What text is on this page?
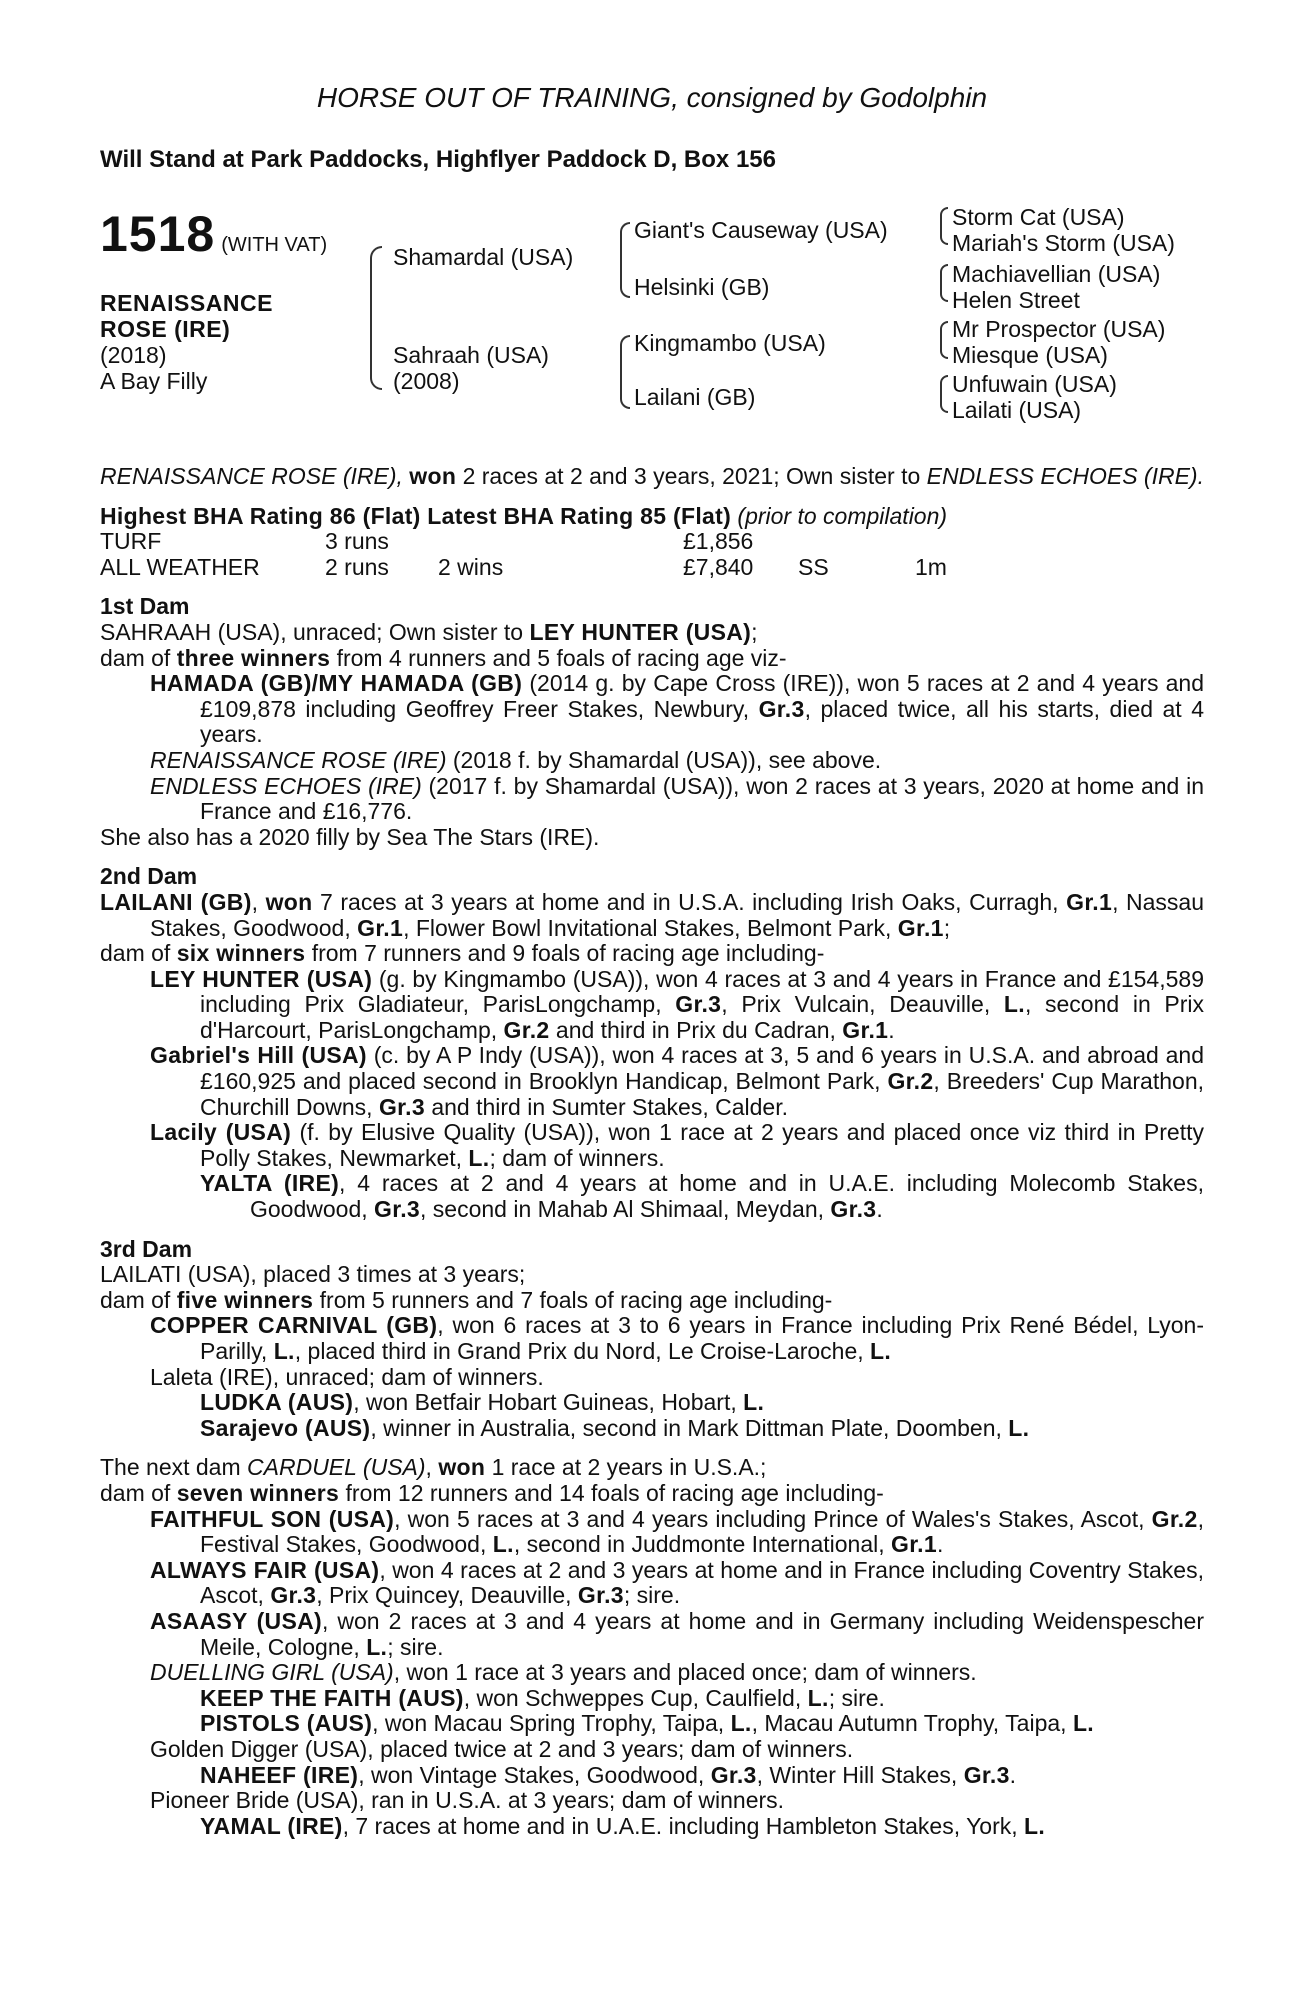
HORSE OUT OF TRAINING, consigned by Godolphin
Will Stand at Park Paddocks, Highflyer Paddock D, Box 156
1518 (WITH VAT)
RENAISSANCE
ROSE (IRE)
(2018)
A Bay Filly
Shamardal (USA)
Sahraah (USA)
(2008)
Giant's Causeway (USA)
Helsinki (GB)
Kingmambo (USA)
Lailani (GB)
Storm Cat (USA)
Mariah's Storm (USA)
Machiavellian (USA)
Helen Street
Mr Prospector (USA)
Miesque (USA)
Unfuwain (USA)
Lailati (USA)

RENAISSANCE ROSE (IRE), won 2 races at 2 and 3 years, 2021; Own sister to ENDLESS ECHOES (IRE).

Highest BHA Rating 86 (Flat) Latest BHA Rating 85 (Flat) (prior to compilation)
TURF	3 runs		£1,856		
ALL WEATHER	2 runs	2 wins	£7,840	SS	1m
1st Dam

SAHRAAH (USA), unraced; Own sister to LEY HUNTER (USA);

dam of three winners from 4 runners and 5 foals of racing age viz-

HAMADA (GB)/MY HAMADA (GB) (2014 g. by Cape Cross (IRE)), won 5 races at 2 and 4 years and £109,878 including Geoffrey Freer Stakes, Newbury, Gr.3, placed twice, all his starts, died at 4 years.

RENAISSANCE ROSE (IRE) (2018 f. by Shamardal (USA)), see above.

ENDLESS ECHOES (IRE) (2017 f. by Shamardal (USA)), won 2 races at 3 years, 2020 at home and in France and £16,776.

She also has a 2020 filly by Sea The Stars (IRE).

2nd Dam

LAILANI (GB), won 7 races at 3 years at home and in U.S.A. including Irish Oaks, Curragh, Gr.1, Nassau Stakes, Goodwood, Gr.1, Flower Bowl Invitational Stakes, Belmont Park, Gr.1;

dam of six winners from 7 runners and 9 foals of racing age including-

LEY HUNTER (USA) (g. by Kingmambo (USA)), won 4 races at 3 and 4 years in France and £154,589 including Prix Gladiateur, ParisLongchamp, Gr.3, Prix Vulcain, Deauville, L., second in Prix d'Harcourt, ParisLongchamp, Gr.2 and third in Prix du Cadran, Gr.1.

Gabriel's Hill (USA) (c. by A P Indy (USA)), won 4 races at 3, 5 and 6 years in U.S.A. and abroad and £160,925 and placed second in Brooklyn Handicap, Belmont Park, Gr.2, Breeders' Cup Marathon, Churchill Downs, Gr.3 and third in Sumter Stakes, Calder.

Lacily (USA) (f. by Elusive Quality (USA)), won 1 race at 2 years and placed once viz third in Pretty Polly Stakes, Newmarket, L.; dam of winners.

YALTA (IRE), 4 races at 2 and 4 years at home and in U.A.E. including Molecomb Stakes, Goodwood, Gr.3, second in Mahab Al Shimaal, Meydan, Gr.3.

3rd Dam

LAILATI (USA), placed 3 times at 3 years;

dam of five winners from 5 runners and 7 foals of racing age including-

COPPER CARNIVAL (GB), won 6 races at 3 to 6 years in France including Prix René Bédel, Lyon-Parilly, L., placed third in Grand Prix du Nord, Le Croise-Laroche, L.

Laleta (IRE), unraced; dam of winners.

LUDKA (AUS), won Betfair Hobart Guineas, Hobart, L.

Sarajevo (AUS), winner in Australia, second in Mark Dittman Plate, Doomben, L.

The next dam CARDUEL (USA), won 1 race at 2 years in U.S.A.;

dam of seven winners from 12 runners and 14 foals of racing age including-

FAITHFUL SON (USA), won 5 races at 3 and 4 years including Prince of Wales's Stakes, Ascot, Gr.2, Festival Stakes, Goodwood, L., second in Juddmonte International, Gr.1.

ALWAYS FAIR (USA), won 4 races at 2 and 3 years at home and in France including Coventry Stakes, Ascot, Gr.3, Prix Quincey, Deauville, Gr.3; sire.

ASAASY (USA), won 2 races at 3 and 4 years at home and in Germany including Weidenspescher Meile, Cologne, L.; sire.

DUELLING GIRL (USA), won 1 race at 3 years and placed once; dam of winners.

KEEP THE FAITH (AUS), won Schweppes Cup, Caulfield, L.; sire.

PISTOLS (AUS), won Macau Spring Trophy, Taipa, L., Macau Autumn Trophy, Taipa, L.

Golden Digger (USA), placed twice at 2 and 3 years; dam of winners.

NAHEEF (IRE), won Vintage Stakes, Goodwood, Gr.3, Winter Hill Stakes, Gr.3.

Pioneer Bride (USA), ran in U.S.A. at 3 years; dam of winners.

YAMAL (IRE), 7 races at home and in U.A.E. including Hambleton Stakes, York, L.
